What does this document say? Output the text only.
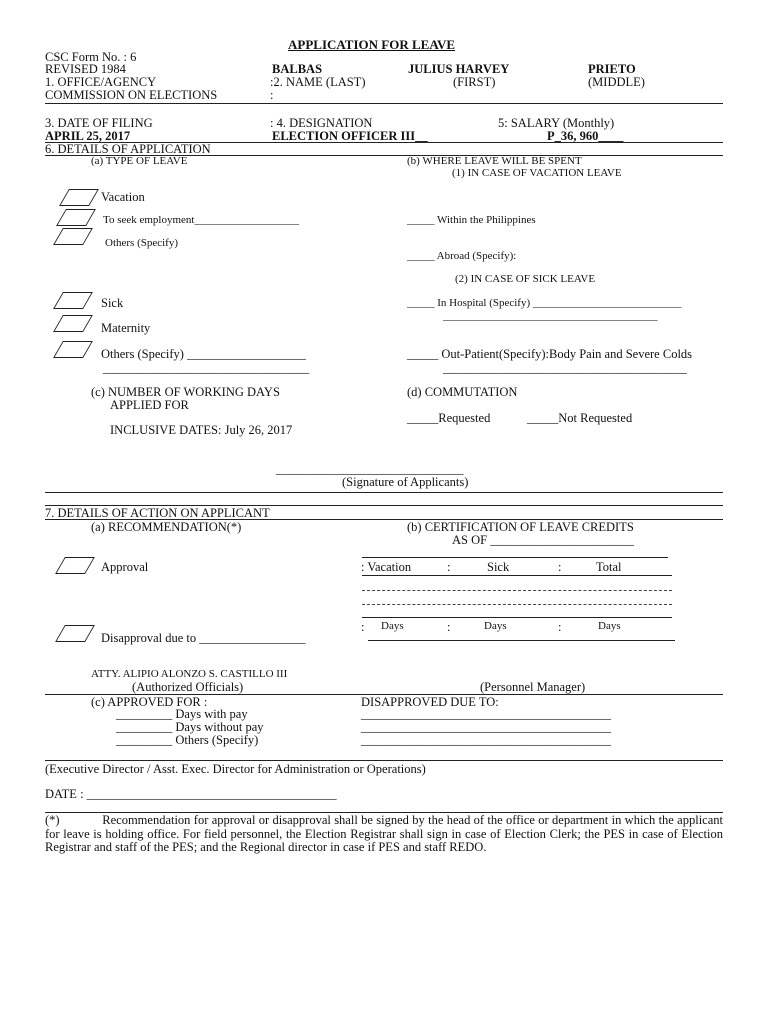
APPLICATION FOR LEAVE
CSC Form No. : 6
REVISED 1984
1. OFFICE/AGENCY
COMMISSION ON ELECTIONS
BALBAS	JULIUS HARVEY	PRIETO
:2. NAME (LAST)	(FIRST)	(MIDDLE)
:
3. DATE OF FILING
APRIL 25, 2017
: 4. DESIGNATION
ELECTION OFFICER III__
5: SALARY (Monthly)
P_36, 960____
6. DETAILS OF APPLICATION
(a) TYPE OF LEAVE	(b) WHERE LEAVE WILL BE SPENT
(1) IN CASE OF VACATION LEAVE
Vacation
To seek employment___________________
Others (Specify)
Sick
Maternity
Others (Specify) ___________________
_________________________________
_____ Within the Philippines
_____ Abroad (Specify):
(2) IN CASE OF SICK LEAVE
_____ In Hospital (Specify) ___________________________
_______________________________________
_____ Out-Patient(Specify):Body Pain and Severe Colds
_______________________________________
(c) NUMBER OF WORKING DAYS
APPLIED FOR
INCLUSIVE DATES: July 26, 2017
(d) COMMUTATION
_____Requested	_____Not Requested
______________________________
(Signature of Applicants)
7. DETAILS OF ACTION ON APPLICANT
(a) RECOMMENDATION(*)	(b) CERTIFICATION OF LEAVE CREDITS
AS OF _______________________
Approval
Disapproval due to _________________
: Vacation	Sick	Total
:	:
: Days	:	Days	:	Days
ATTY. ALIPIO ALONZO S. CASTILLO III
(Authorized Officials)	(Personnel Manager)
(c) APPROVED FOR :
_________ Days with pay
_________ Days without pay
_________ Others (Specify)
DISAPPROVED DUE TO:
________________________________________
________________________________________
________________________________________
(Executive Director / Asst. Exec. Director for Administration or Operations)
DATE : ________________________________________
(*)	Recommendation for approval or disapproval shall be signed by the head of the office or department in which the applicant for leave is holding office. For field personnel, the Election Registrar shall sign in case of Election Clerk; the PES in case of Election Registrar and staff of the PES; and the Regional director in case if PES and staff REDO.
